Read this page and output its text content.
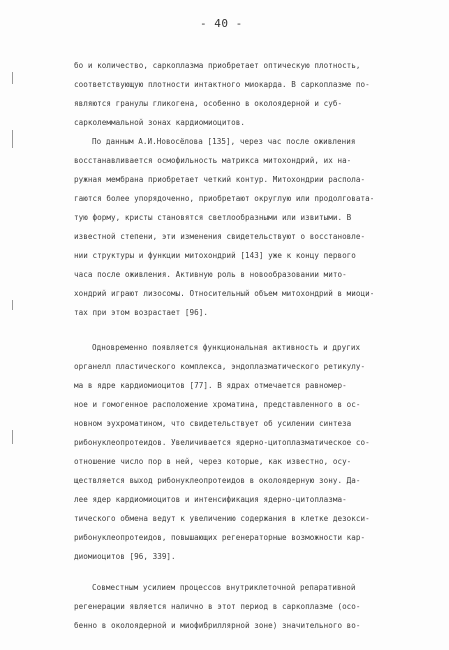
- 40 -
бо и количество, саркоплазма приобретает оптическую плотность,
соответствующую плотности интактного миокарда. В саркоплазме по-
являются гранулы гликогена, особенно в околоядерной и суб-
сарколеммальной зонах кардиомиоцитов.
По данным А.И.Новосёлова [135], через час после оживления
восстанавливается осмофильность матрикса митохондрий, их на-
ружная мембрана приобретает четкий контур. Митохондрии распола-
гаются более упорядоченно, приобретают округлую или продолговата-
тую форму, кристы становятся светлообразными или извитыми. В
известной степени, эти изменения свидетельствуют о восстановле-
нии структуры и функции митохондрий [143] уже к концу первого
часа после оживления. Активную роль в новообразовании мито-
хондрий играют лизосомы. Относительный объем митохондрий в миоци-
тах при этом возрастает [96].
Одновременно появляется функциональная активность и других
органелл пластического комплекса, эндоплазматического ретикулу-
ма в ядре кардиомиоцитов [77]. В ядрах отмечается равномер-
ное и гомогенное расположение хроматина, представленного в ос-
новном эухроматином, что свидетельствует об усилении синтеза
рибонуклеопротеидов. Увеличивается ядерно-цитоплазматическое со-
отношение число пор в ней, через которые, как известно, осу-
ществляется выход рибонуклеопротеидов в околоядерную зону. Да-
лее ядер кардиомиоцитов и интенсификация ядерно-цитоплазма-
тического обмена ведут к увеличению содержания в клетке дезокси-
рибонуклеопротеидов, повышающих регенераторные возможности кар-
диомиоцитов [96, 339].
Совместным усилием процессов внутриклеточной репаративной
регенерации является налично в этот период в саркоплазме (осо-
бенно в околоядерной и миофибриллярной зоне) значительного во-
